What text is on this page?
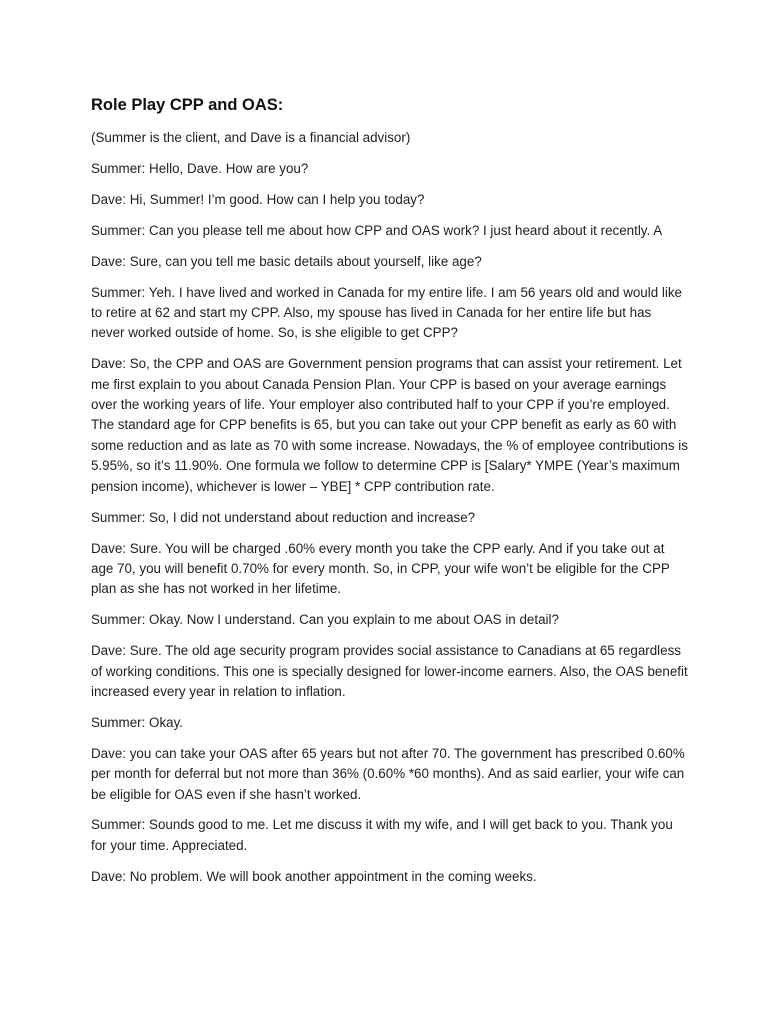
Role Play CPP and OAS:

(Summer is the client, and Dave is a financial advisor)

Summer: Hello, Dave. How are you?

Dave: Hi, Summer! I’m good. How can I help you today?

Summer: Can you please tell me about how CPP and OAS work? I just heard about it recently. A

Dave: Sure, can you tell me basic details about yourself, like age?

Summer: Yeh. I have lived and worked in Canada for my entire life. I am 56 years old and would like to retire at 62 and start my CPP. Also, my spouse has lived in Canada for her entire life but has never worked outside of home. So, is she eligible to get CPP?

Dave: So, the CPP and OAS are Government pension programs that can assist your retirement. Let me first explain to you about Canada Pension Plan. Your CPP is based on your average earnings over the working years of life. Your employer also contributed half to your CPP if you’re employed. The standard age for CPP benefits is 65, but you can take out your CPP benefit as early as 60 with some reduction and as late as 70 with some increase. Nowadays, the % of employee contributions is 5.95%, so it’s 11.90%. One formula we follow to determine CPP is [Salary* YMPE (Year’s maximum pension income), whichever is lower – YBE] * CPP contribution rate.

Summer: So, I did not understand about reduction and increase?

Dave: Sure. You will be charged .60% every month you take the CPP early. And if you take out at age 70, you will benefit 0.70% for every month. So, in CPP, your wife won’t be eligible for the CPP plan as she has not worked in her lifetime.

Summer: Okay. Now I understand. Can you explain to me about OAS in detail?

Dave: Sure. The old age security program provides social assistance to Canadians at 65 regardless of working conditions. This one is specially designed for lower-income earners. Also, the OAS benefit increased every year in relation to inflation.

Summer: Okay.

Dave: you can take your OAS after 65 years but not after 70. The government has prescribed 0.60% per month for deferral but not more than 36% (0.60% *60 months). And as said earlier, your wife can be eligible for OAS even if she hasn’t worked.

Summer: Sounds good to me. Let me discuss it with my wife, and I will get back to you. Thank you for your time. Appreciated.

Dave: No problem. We will book another appointment in the coming weeks.
